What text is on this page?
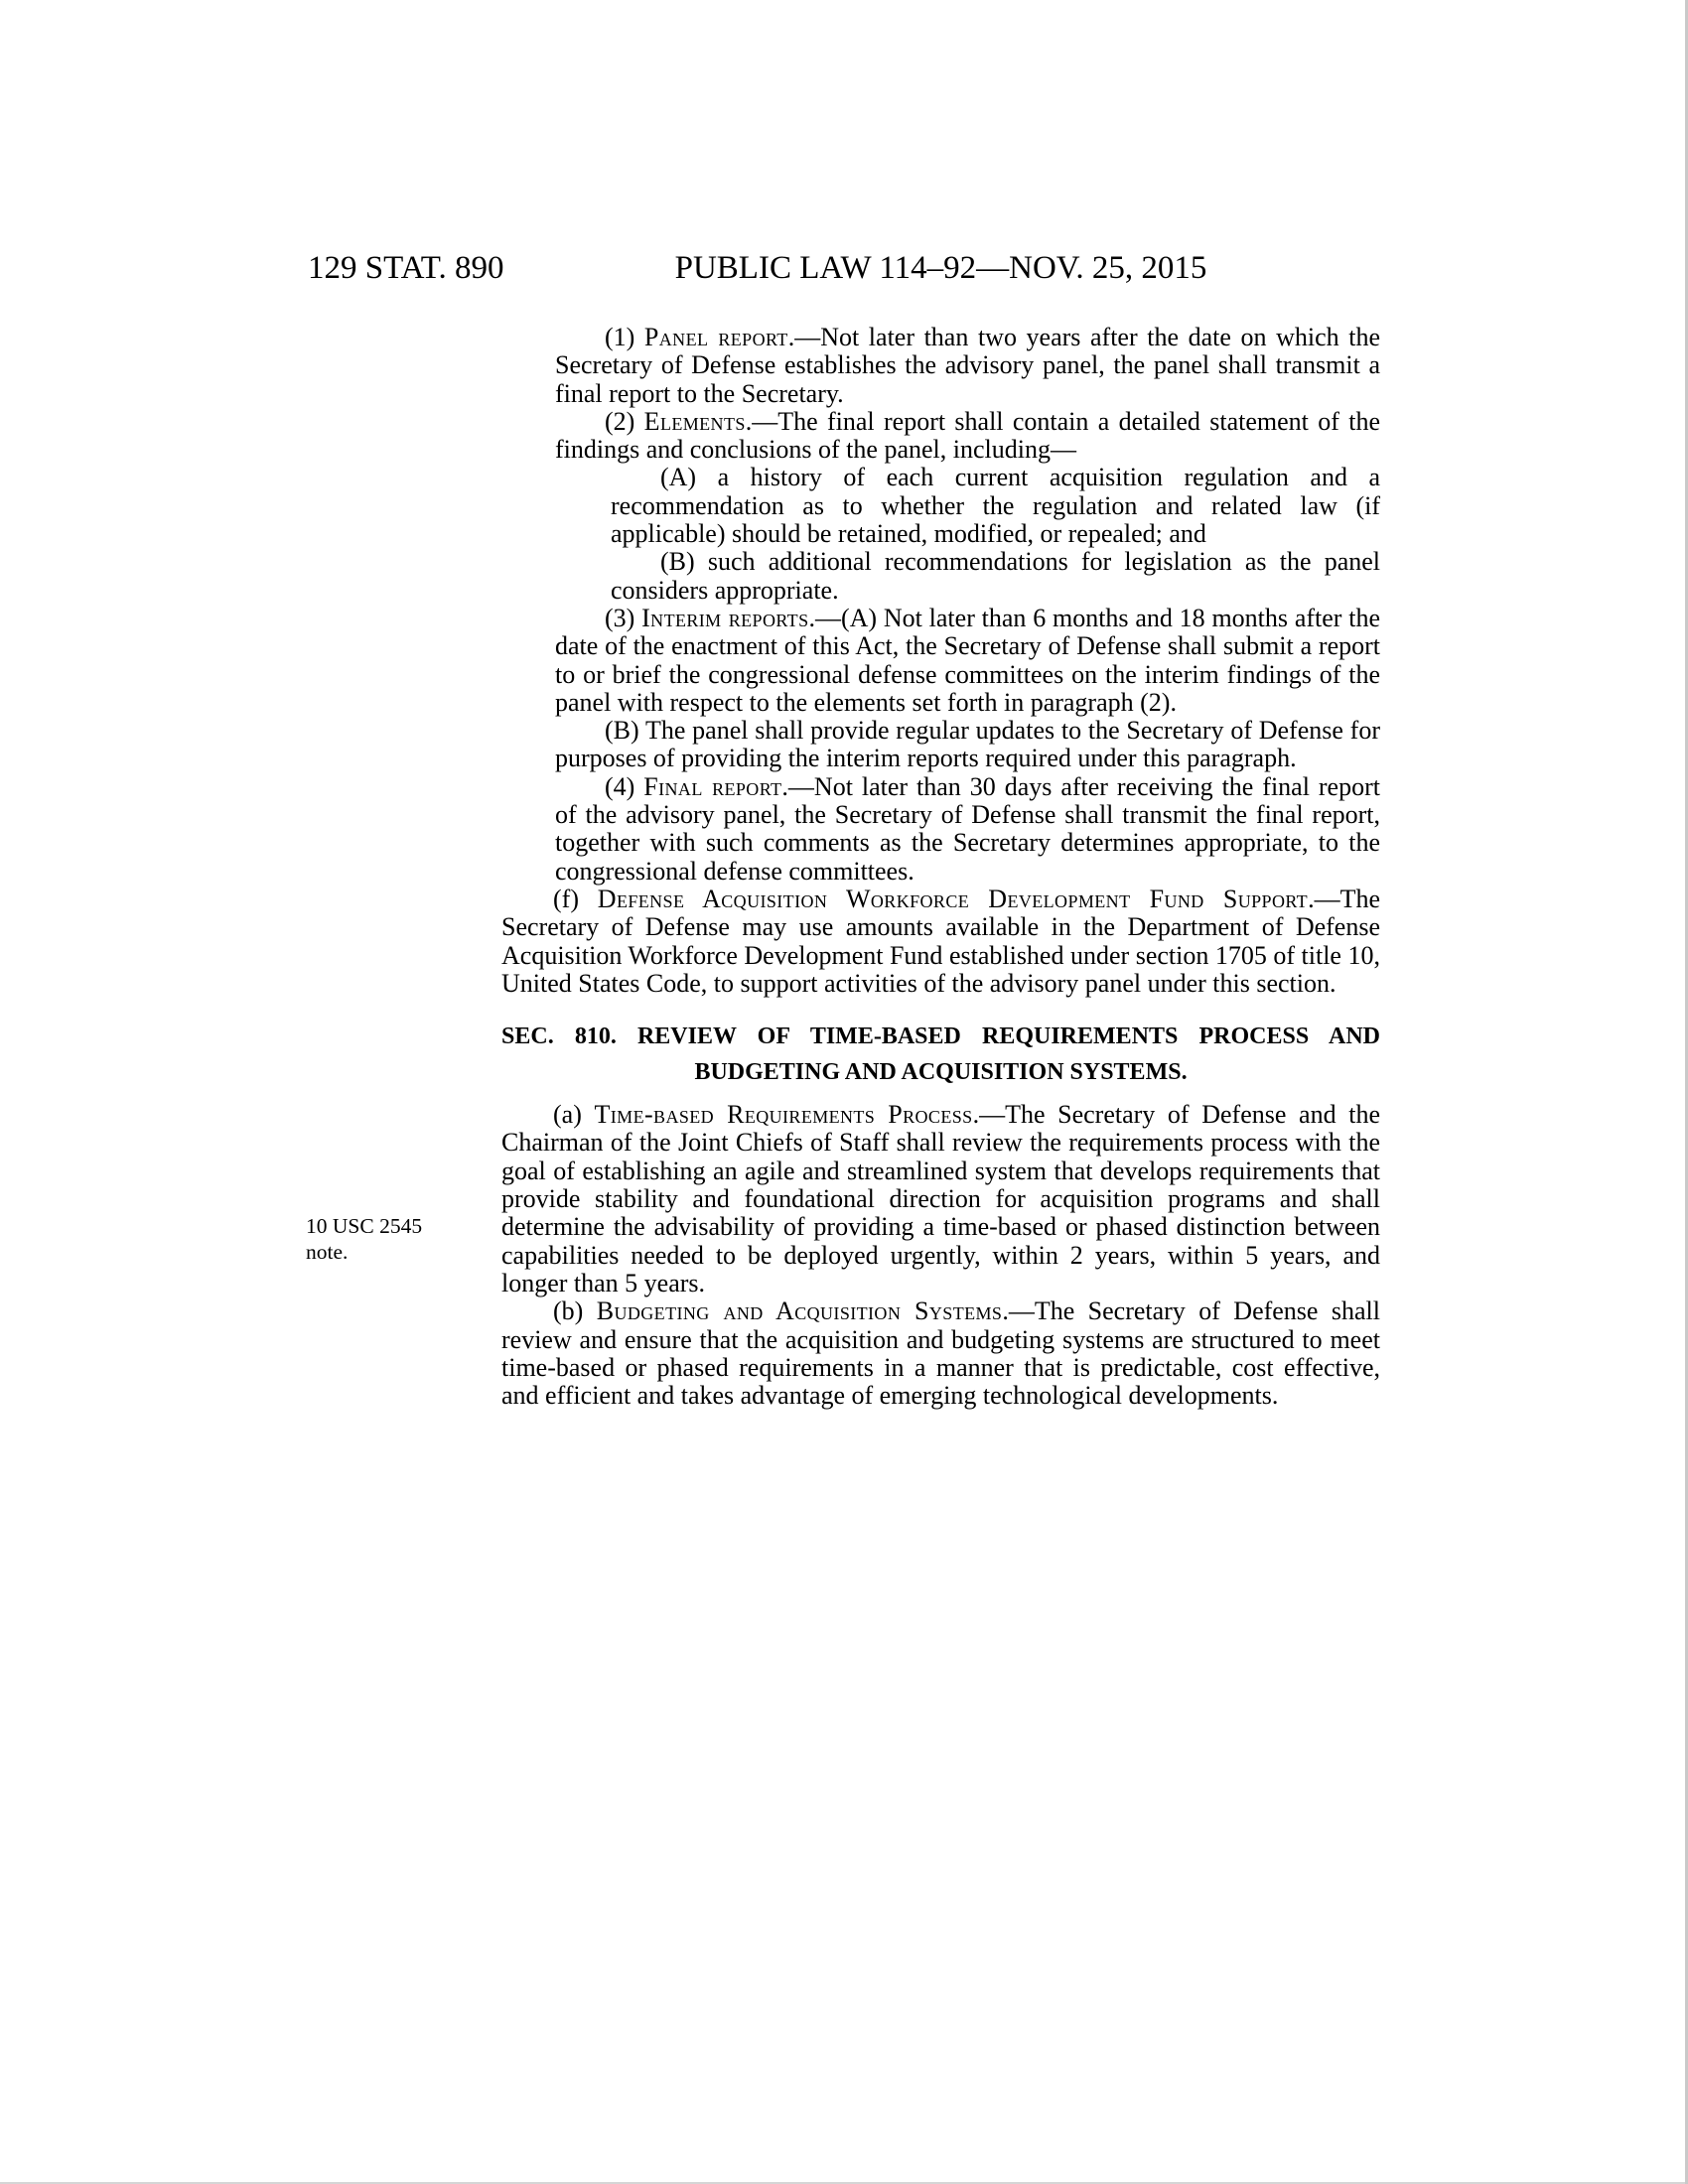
129 STAT. 890	PUBLIC LAW 114–92—NOV. 25, 2015
10 USC 2545
note.

(1) Panel report.—Not later than two years after the date on which the Secretary of Defense establishes the advisory panel, the panel shall transmit a final report to the Secretary.

(2) Elements.—The final report shall contain a detailed statement of the findings and conclusions of the panel, including—

(A) a history of each current acquisition regulation and a recommendation as to whether the regulation and related law (if applicable) should be retained, modified, or repealed; and

(B) such additional recommendations for legislation as the panel considers appropriate.

(3) Interim reports.—(A) Not later than 6 months and 18 months after the date of the enactment of this Act, the Secretary of Defense shall submit a report to or brief the congressional defense committees on the interim findings of the panel with respect to the elements set forth in paragraph (2).

(B) The panel shall provide regular updates to the Secretary of Defense for purposes of providing the interim reports required under this paragraph.

(4) Final report.—Not later than 30 days after receiving the final report of the advisory panel, the Secretary of Defense shall transmit the final report, together with such comments as the Secretary determines appropriate, to the congressional defense committees.

(f) Defense Acquisition Workforce Development Fund Support.—The Secretary of Defense may use amounts available in the Department of Defense Acquisition Workforce Development Fund established under section 1705 of title 10, United States Code, to support activities of the advisory panel under this section.

SEC. 810. REVIEW OF TIME-BASED REQUIREMENTS PROCESS AND
BUDGETING AND ACQUISITION SYSTEMS.

(a) Time-based Requirements Process.—The Secretary of Defense and the Chairman of the Joint Chiefs of Staff shall review the requirements process with the goal of establishing an agile and streamlined system that develops requirements that provide stability and foundational direction for acquisition programs and shall determine the advisability of providing a time-based or phased distinction between capabilities needed to be deployed urgently, within 2 years, within 5 years, and longer than 5 years.

(b) Budgeting and Acquisition Systems.—The Secretary of Defense shall review and ensure that the acquisition and budgeting systems are structured to meet time-based or phased requirements in a manner that is predictable, cost effective, and efficient and takes advantage of emerging technological developments.
